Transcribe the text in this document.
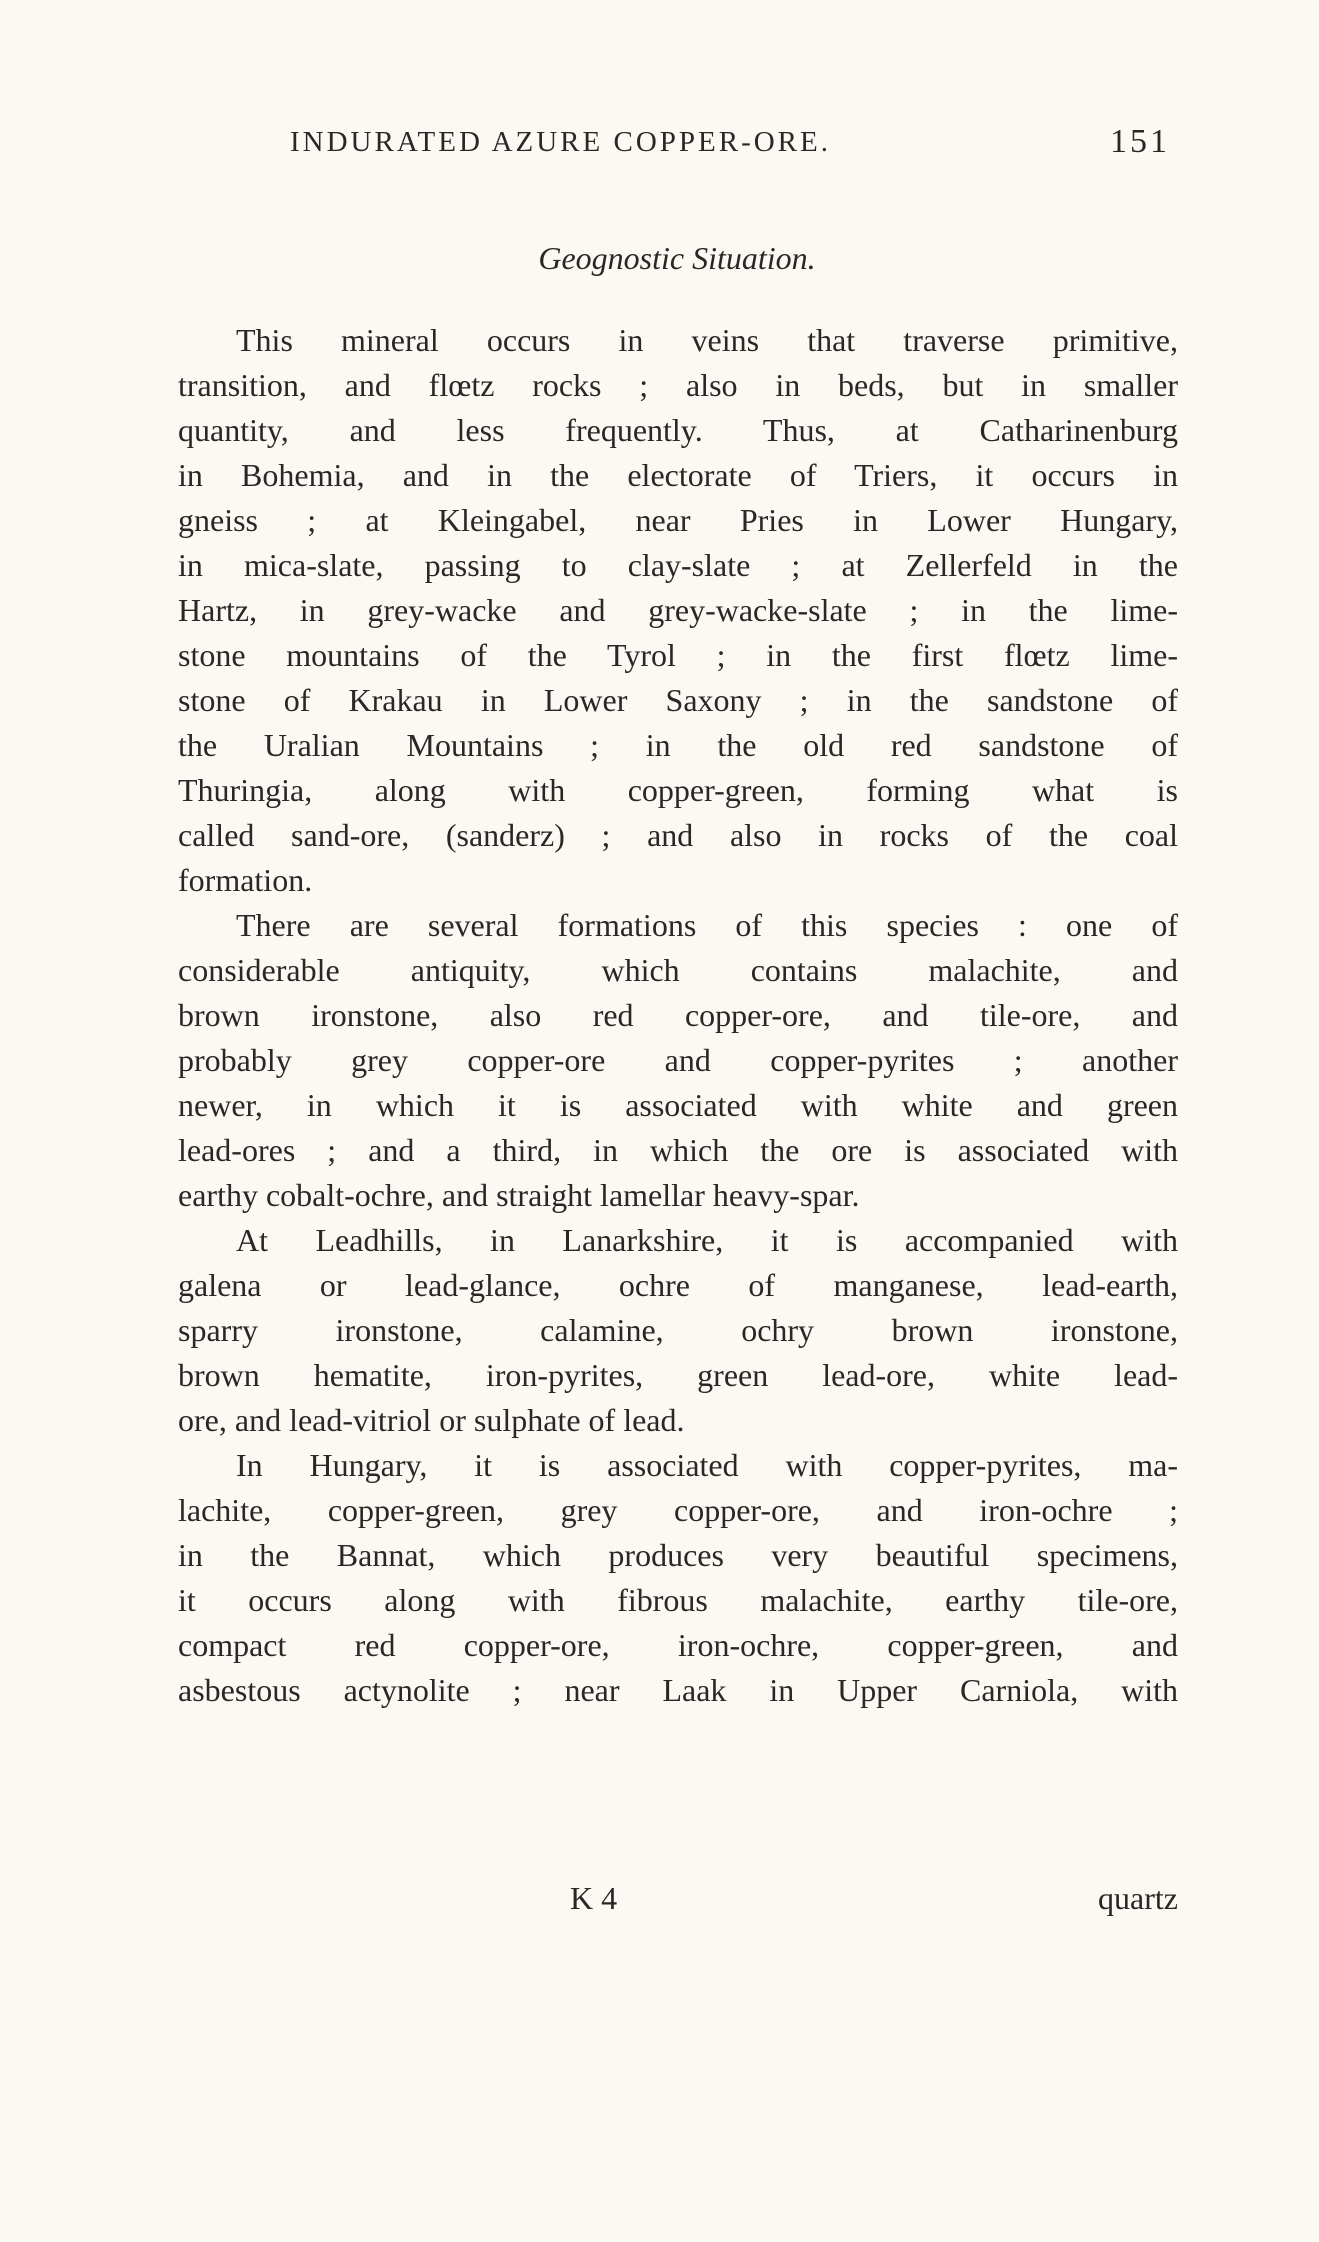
INDURATED AZURE COPPER-ORE.	151
Geognostic Situation.
This mineral occurs in veins that traverse primitive,
transition, and flœtz rocks ; also in beds, but in smaller
quantity, and less frequently. Thus, at Catharinenburg
in Bohemia, and in the electorate of Triers, it occurs in
gneiss ; at Kleingabel, near Pries in Lower Hungary,
in mica-slate, passing to clay-slate ; at Zellerfeld in the
Hartz, in grey-wacke and grey-wacke-slate ; in the lime-
stone mountains of the Tyrol ; in the first flœtz lime-
stone of Krakau in Lower Saxony ; in the sandstone of
the Uralian Mountains ; in the old red sandstone of
Thuringia, along with copper-green, forming what is
called sand-ore, (sanderz) ; and also in rocks of the coal
formation.
There are several formations of this species : one of
considerable antiquity, which contains malachite, and
brown ironstone, also red copper-ore, and tile-ore, and
probably grey copper-ore and copper-pyrites ; another
newer, in which it is associated with white and green
lead-ores ; and a third, in which the ore is associated with
earthy cobalt-ochre, and straight lamellar heavy-spar.
At Leadhills, in Lanarkshire, it is accompanied with
galena or lead-glance, ochre of manganese, lead-earth,
sparry ironstone, calamine, ochry brown ironstone,
brown hematite, iron-pyrites, green lead-ore, white lead-
ore, and lead-vitriol or sulphate of lead.
In Hungary, it is associated with copper-pyrites, ma-
lachite, copper-green, grey copper-ore, and iron-ochre ;
in the Bannat, which produces very beautiful specimens,
it occurs along with fibrous malachite, earthy tile-ore,
compact red copper-ore, iron-ochre, copper-green, and
asbestous actynolite ; near Laak in Upper Carniola, with
K 4	quartz
